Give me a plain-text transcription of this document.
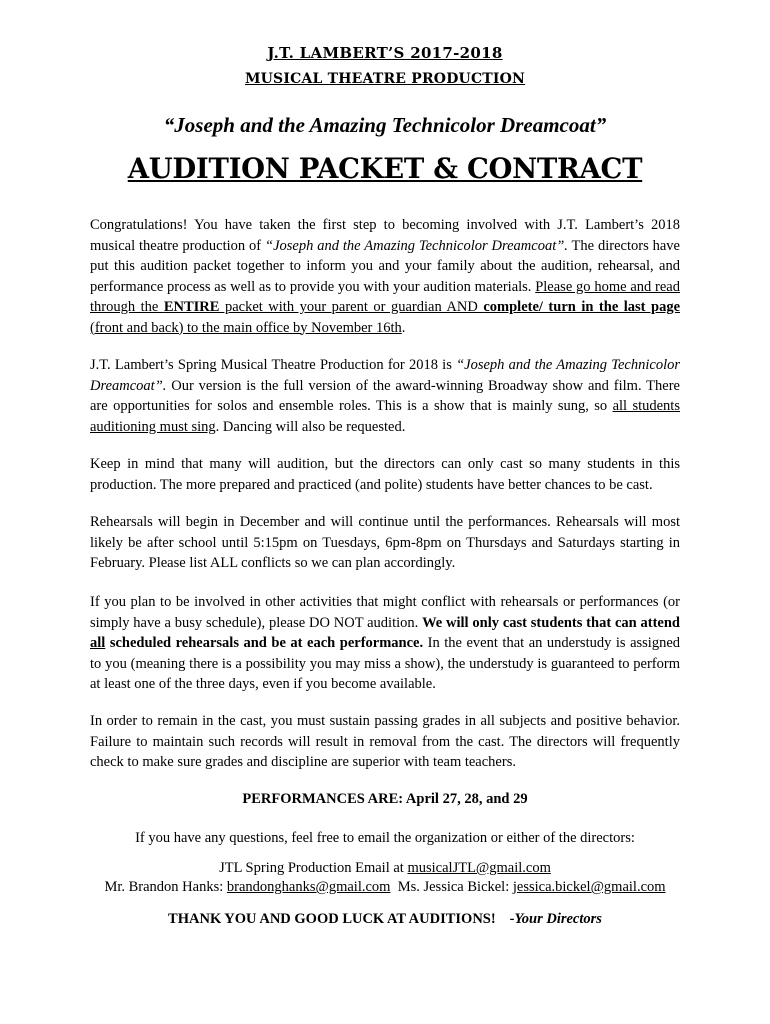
J.T. LAMBERT’S 2017-2018
MUSICAL THEATRE PRODUCTION
“Joseph and the Amazing Technicolor Dreamcoat”
AUDITION PACKET & CONTRACT

Congratulations! You have taken the first step to becoming involved with J.T. Lambert’s 2018 musical theatre production of “Joseph and the Amazing Technicolor Dreamcoat”. The directors have put this audition packet together to inform you and your family about the audition, rehearsal, and performance process as well as to provide you with your audition materials. Please go home and read through the ENTIRE packet with your parent or guardian AND complete/ turn in the last page (front and back) to the main office by November 16th.

J.T. Lambert’s Spring Musical Theatre Production for 2018 is “Joseph and the Amazing Technicolor Dreamcoat”. Our version is the full version of the award-winning Broadway show and film. There are opportunities for solos and ensemble roles. This is a show that is mainly sung, so all students auditioning must sing. Dancing will also be requested.

Keep in mind that many will audition, but the directors can only cast so many students in this production. The more prepared and practiced (and polite) students have better chances to be cast.

Rehearsals will begin in December and will continue until the performances. Rehearsals will most likely be after school until 5:15pm on Tuesdays, 6pm-8pm on Thursdays and Saturdays starting in February. Please list ALL conflicts so we can plan accordingly.

If you plan to be involved in other activities that might conflict with rehearsals or performances (or simply have a busy schedule), please DO NOT audition. We will only cast students that can attend all scheduled rehearsals and be at each performance. In the event that an understudy is assigned to you (meaning there is a possibility you may miss a show), the understudy is guaranteed to perform at least one of the three days, even if you become available.

In order to remain in the cast, you must sustain passing grades in all subjects and positive behavior. Failure to maintain such records will result in removal from the cast. The directors will frequently check to make sure grades and discipline are superior with team teachers.

PERFORMANCES ARE: April 27, 28, and 29
If you have any questions, feel free to email the organization or either of the directors:
JTL Spring Production Email at musicalJTL@gmail.com
Mr. Brandon Hanks: brandonghanks@gmail.com  Ms. Jessica Bickel: jessica.bickel@gmail.com
THANK YOU AND GOOD LUCK AT AUDITIONS! -Your Directors
